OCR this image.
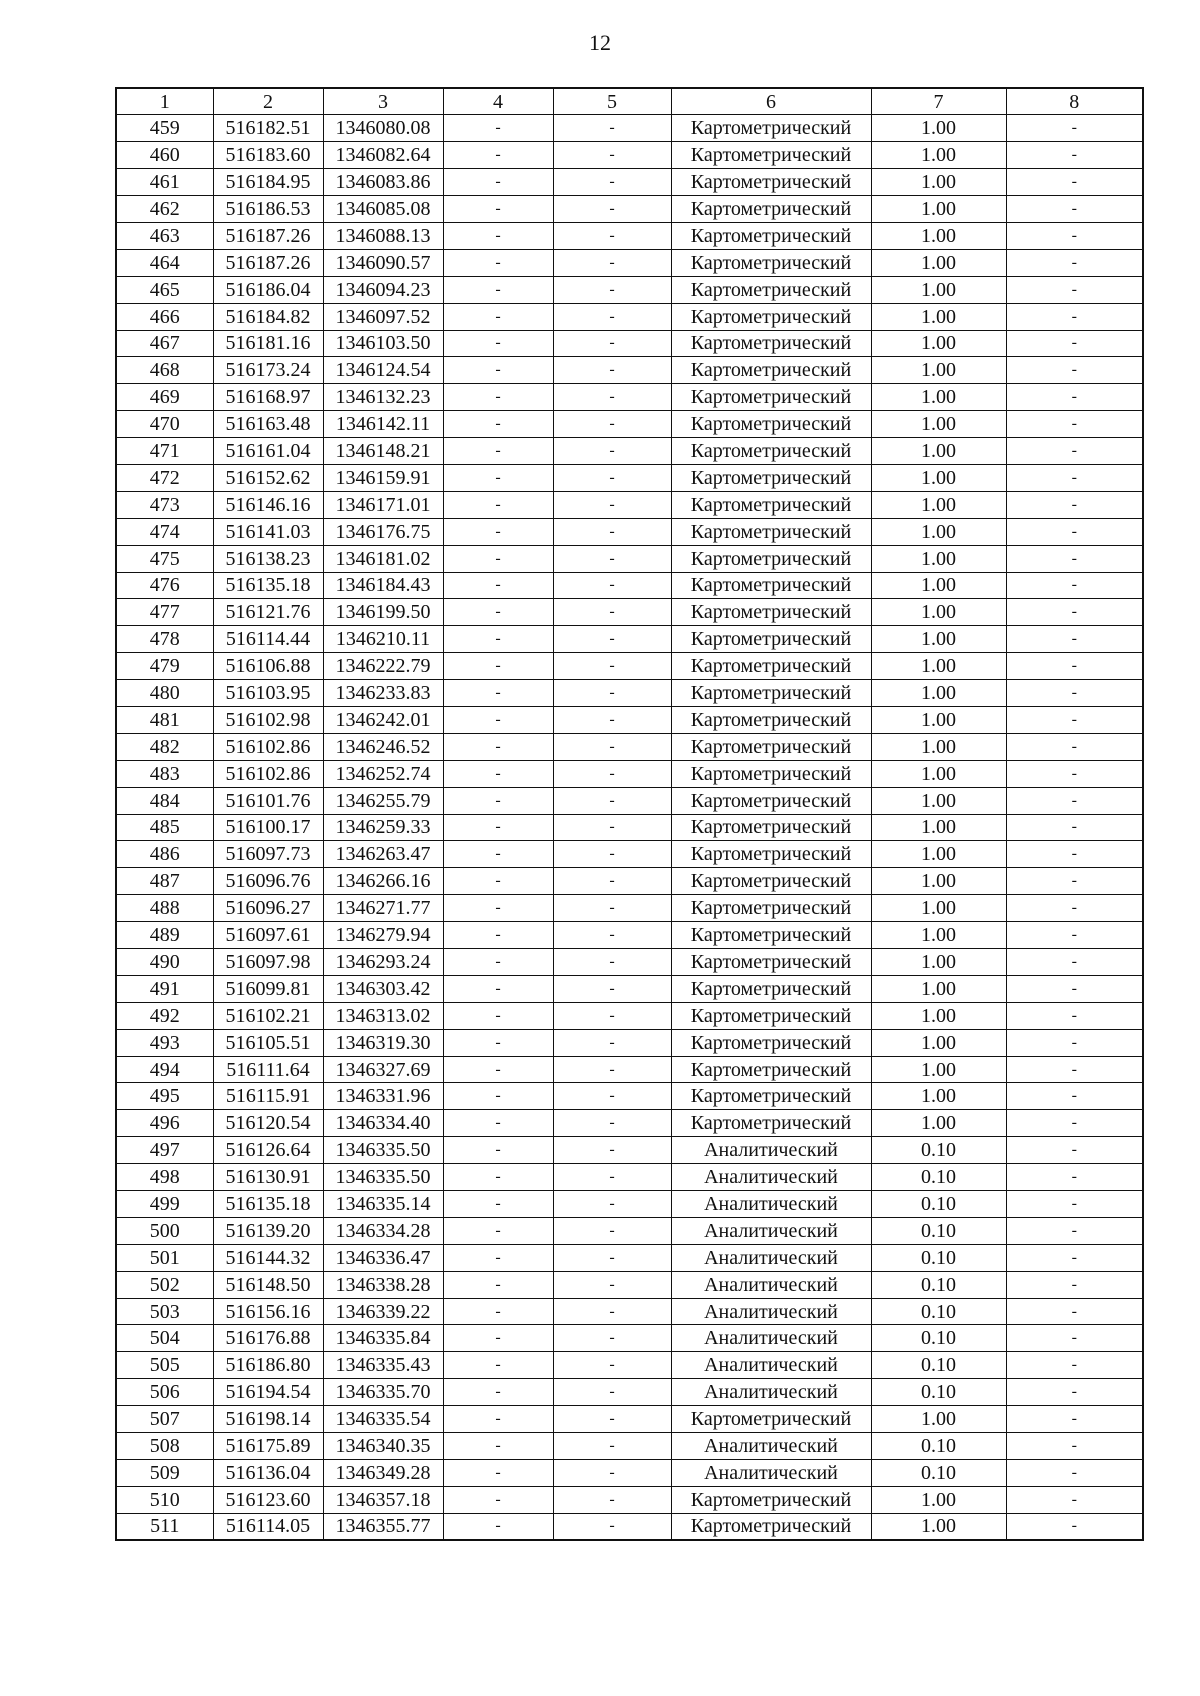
12
1	2	3	4	5	6	7	8
459	516182.51	1346080.08	-	-	Картометрический	1.00	-
460	516183.60	1346082.64	-	-	Картометрический	1.00	-
461	516184.95	1346083.86	-	-	Картометрический	1.00	-
462	516186.53	1346085.08	-	-	Картометрический	1.00	-
463	516187.26	1346088.13	-	-	Картометрический	1.00	-
464	516187.26	1346090.57	-	-	Картометрический	1.00	-
465	516186.04	1346094.23	-	-	Картометрический	1.00	-
466	516184.82	1346097.52	-	-	Картометрический	1.00	-
467	516181.16	1346103.50	-	-	Картометрический	1.00	-
468	516173.24	1346124.54	-	-	Картометрический	1.00	-
469	516168.97	1346132.23	-	-	Картометрический	1.00	-
470	516163.48	1346142.11	-	-	Картометрический	1.00	-
471	516161.04	1346148.21	-	-	Картометрический	1.00	-
472	516152.62	1346159.91	-	-	Картометрический	1.00	-
473	516146.16	1346171.01	-	-	Картометрический	1.00	-
474	516141.03	1346176.75	-	-	Картометрический	1.00	-
475	516138.23	1346181.02	-	-	Картометрический	1.00	-
476	516135.18	1346184.43	-	-	Картометрический	1.00	-
477	516121.76	1346199.50	-	-	Картометрический	1.00	-
478	516114.44	1346210.11	-	-	Картометрический	1.00	-
479	516106.88	1346222.79	-	-	Картометрический	1.00	-
480	516103.95	1346233.83	-	-	Картометрический	1.00	-
481	516102.98	1346242.01	-	-	Картометрический	1.00	-
482	516102.86	1346246.52	-	-	Картометрический	1.00	-
483	516102.86	1346252.74	-	-	Картометрический	1.00	-
484	516101.76	1346255.79	-	-	Картометрический	1.00	-
485	516100.17	1346259.33	-	-	Картометрический	1.00	-
486	516097.73	1346263.47	-	-	Картометрический	1.00	-
487	516096.76	1346266.16	-	-	Картометрический	1.00	-
488	516096.27	1346271.77	-	-	Картометрический	1.00	-
489	516097.61	1346279.94	-	-	Картометрический	1.00	-
490	516097.98	1346293.24	-	-	Картометрический	1.00	-
491	516099.81	1346303.42	-	-	Картометрический	1.00	-
492	516102.21	1346313.02	-	-	Картометрический	1.00	-
493	516105.51	1346319.30	-	-	Картометрический	1.00	-
494	516111.64	1346327.69	-	-	Картометрический	1.00	-
495	516115.91	1346331.96	-	-	Картометрический	1.00	-
496	516120.54	1346334.40	-	-	Картометрический	1.00	-
497	516126.64	1346335.50	-	-	Аналитический	0.10	-
498	516130.91	1346335.50	-	-	Аналитический	0.10	-
499	516135.18	1346335.14	-	-	Аналитический	0.10	-
500	516139.20	1346334.28	-	-	Аналитический	0.10	-
501	516144.32	1346336.47	-	-	Аналитический	0.10	-
502	516148.50	1346338.28	-	-	Аналитический	0.10	-
503	516156.16	1346339.22	-	-	Аналитический	0.10	-
504	516176.88	1346335.84	-	-	Аналитический	0.10	-
505	516186.80	1346335.43	-	-	Аналитический	0.10	-
506	516194.54	1346335.70	-	-	Аналитический	0.10	-
507	516198.14	1346335.54	-	-	Картометрический	1.00	-
508	516175.89	1346340.35	-	-	Аналитический	0.10	-
509	516136.04	1346349.28	-	-	Аналитический	0.10	-
510	516123.60	1346357.18	-	-	Картометрический	1.00	-
511	516114.05	1346355.77	-	-	Картометрический	1.00	-
